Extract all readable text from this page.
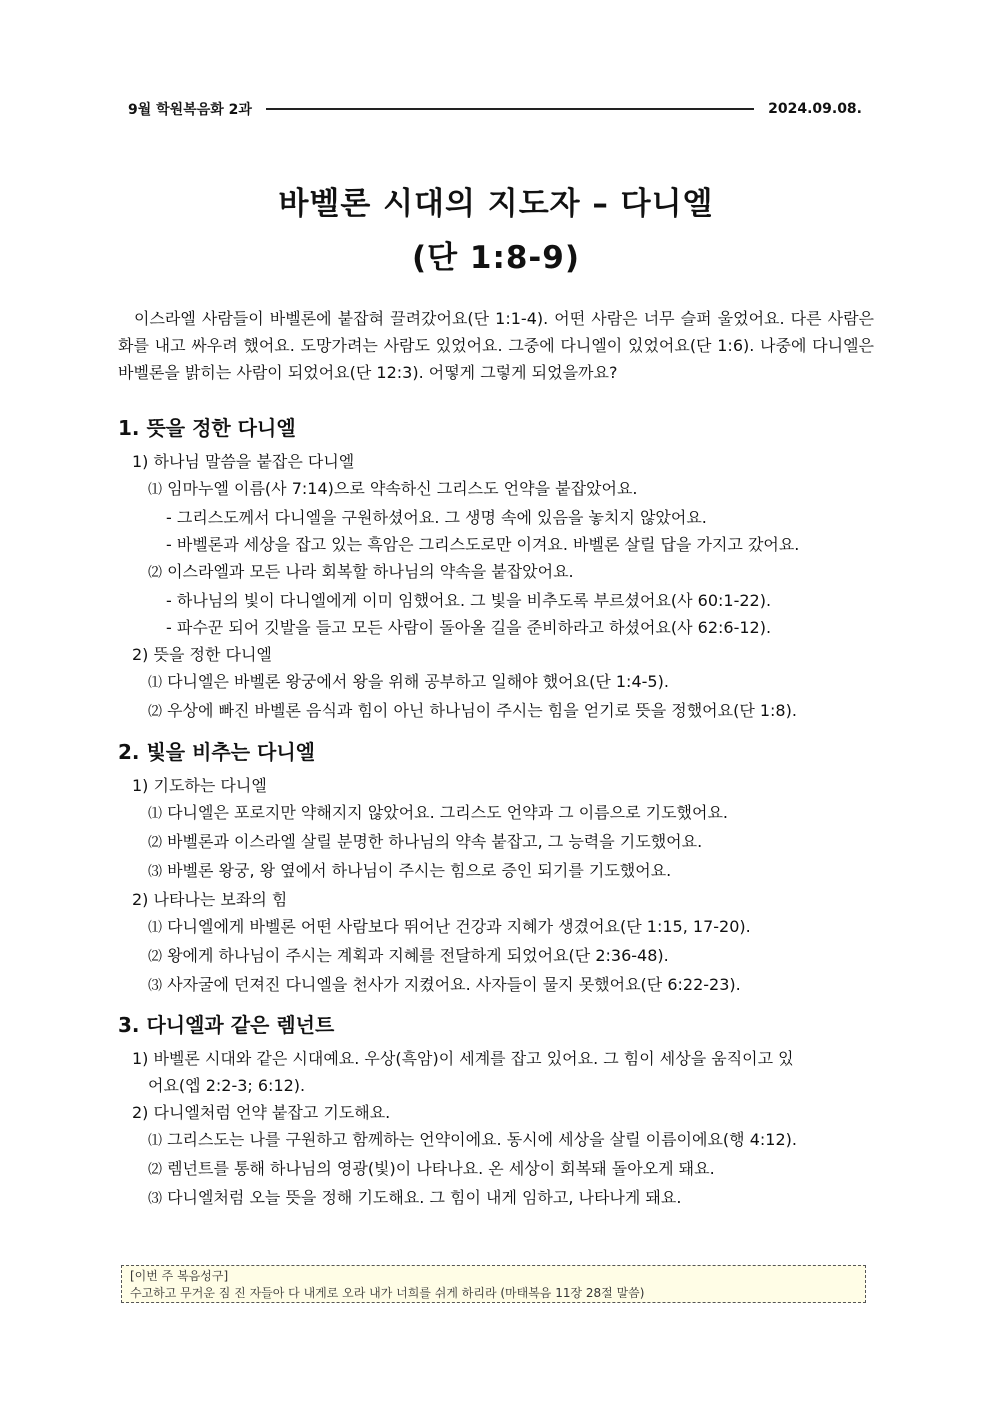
9월 학원복음화 2과	2024.09.08.
바벨론 시대의 지도자 – 다니엘
(단 1:8-9)

이스라엘 사람들이 바벨론에 붙잡혀 끌려갔어요(단 1:1-4). 어떤 사람은 너무 슬퍼 울었어요. 다른 사람은 화를 내고 싸우려 했어요. 도망가려는 사람도 있었어요. 그중에 다니엘이 있었어요(단 1:6). 나중에 다니엘은 바벨론을 밝히는 사람이 되었어요(단 12:3). 어떻게 그렇게 되었을까요?

1. 뜻을 정한 다니엘
1) 하나님 말씀을 붙잡은 다니엘
⑴ 임마누엘 이름(사 7:14)으로 약속하신 그리스도 언약을 붙잡았어요.
- 그리스도께서 다니엘을 구원하셨어요. 그 생명 속에 있음을 놓치지 않았어요.
- 바벨론과 세상을 잡고 있는 흑암은 그리스도로만 이겨요. 바벨론 살릴 답을 가지고 갔어요.
⑵ 이스라엘과 모든 나라 회복할 하나님의 약속을 붙잡았어요.
- 하나님의 빛이 다니엘에게 이미 임했어요. 그 빛을 비추도록 부르셨어요(사 60:1-22).
- 파수꾼 되어 깃발을 들고 모든 사람이 돌아올 길을 준비하라고 하셨어요(사 62:6-12).
2) 뜻을 정한 다니엘
⑴ 다니엘은 바벨론 왕궁에서 왕을 위해 공부하고 일해야 했어요(단 1:4-5).
⑵ 우상에 빠진 바벨론 음식과 힘이 아닌 하나님이 주시는 힘을 얻기로 뜻을 정했어요(단 1:8).
2. 빛을 비추는 다니엘
1) 기도하는 다니엘
⑴ 다니엘은 포로지만 약해지지 않았어요. 그리스도 언약과 그 이름으로 기도했어요.
⑵ 바벨론과 이스라엘 살릴 분명한 하나님의 약속 붙잡고, 그 능력을 기도했어요.
⑶ 바벨론 왕궁, 왕 옆에서 하나님이 주시는 힘으로 증인 되기를 기도했어요.
2) 나타나는 보좌의 힘
⑴ 다니엘에게 바벨론 어떤 사람보다 뛰어난 건강과 지혜가 생겼어요(단 1:15, 17-20).
⑵ 왕에게 하나님이 주시는 계획과 지혜를 전달하게 되었어요(단 2:36-48).
⑶ 사자굴에 던져진 다니엘을 천사가 지켰어요. 사자들이 물지 못했어요(단 6:22-23).
3. 다니엘과 같은 렘넌트
1) 바벨론 시대와 같은 시대예요. 우상(흑암)이 세계를 잡고 있어요. 그 힘이 세상을 움직이고 있
어요(엡 2:2-3; 6:12).
2) 다니엘처럼 언약 붙잡고 기도해요.
⑴ 그리스도는 나를 구원하고 함께하는 언약이에요. 동시에 세상을 살릴 이름이에요(행 4:12).
⑵ 렘넌트를 통해 하나님의 영광(빛)이 나타나요. 온 세상이 회복돼 돌아오게 돼요.
⑶ 다니엘처럼 오늘 뜻을 정해 기도해요. 그 힘이 내게 임하고, 나타나게 돼요.
[이번 주 복음성구]
수고하고 무거운 짐 진 자들아 다 내게로 오라 내가 너희를 쉬게 하리라 (마태복음 11장 28절 말씀)
